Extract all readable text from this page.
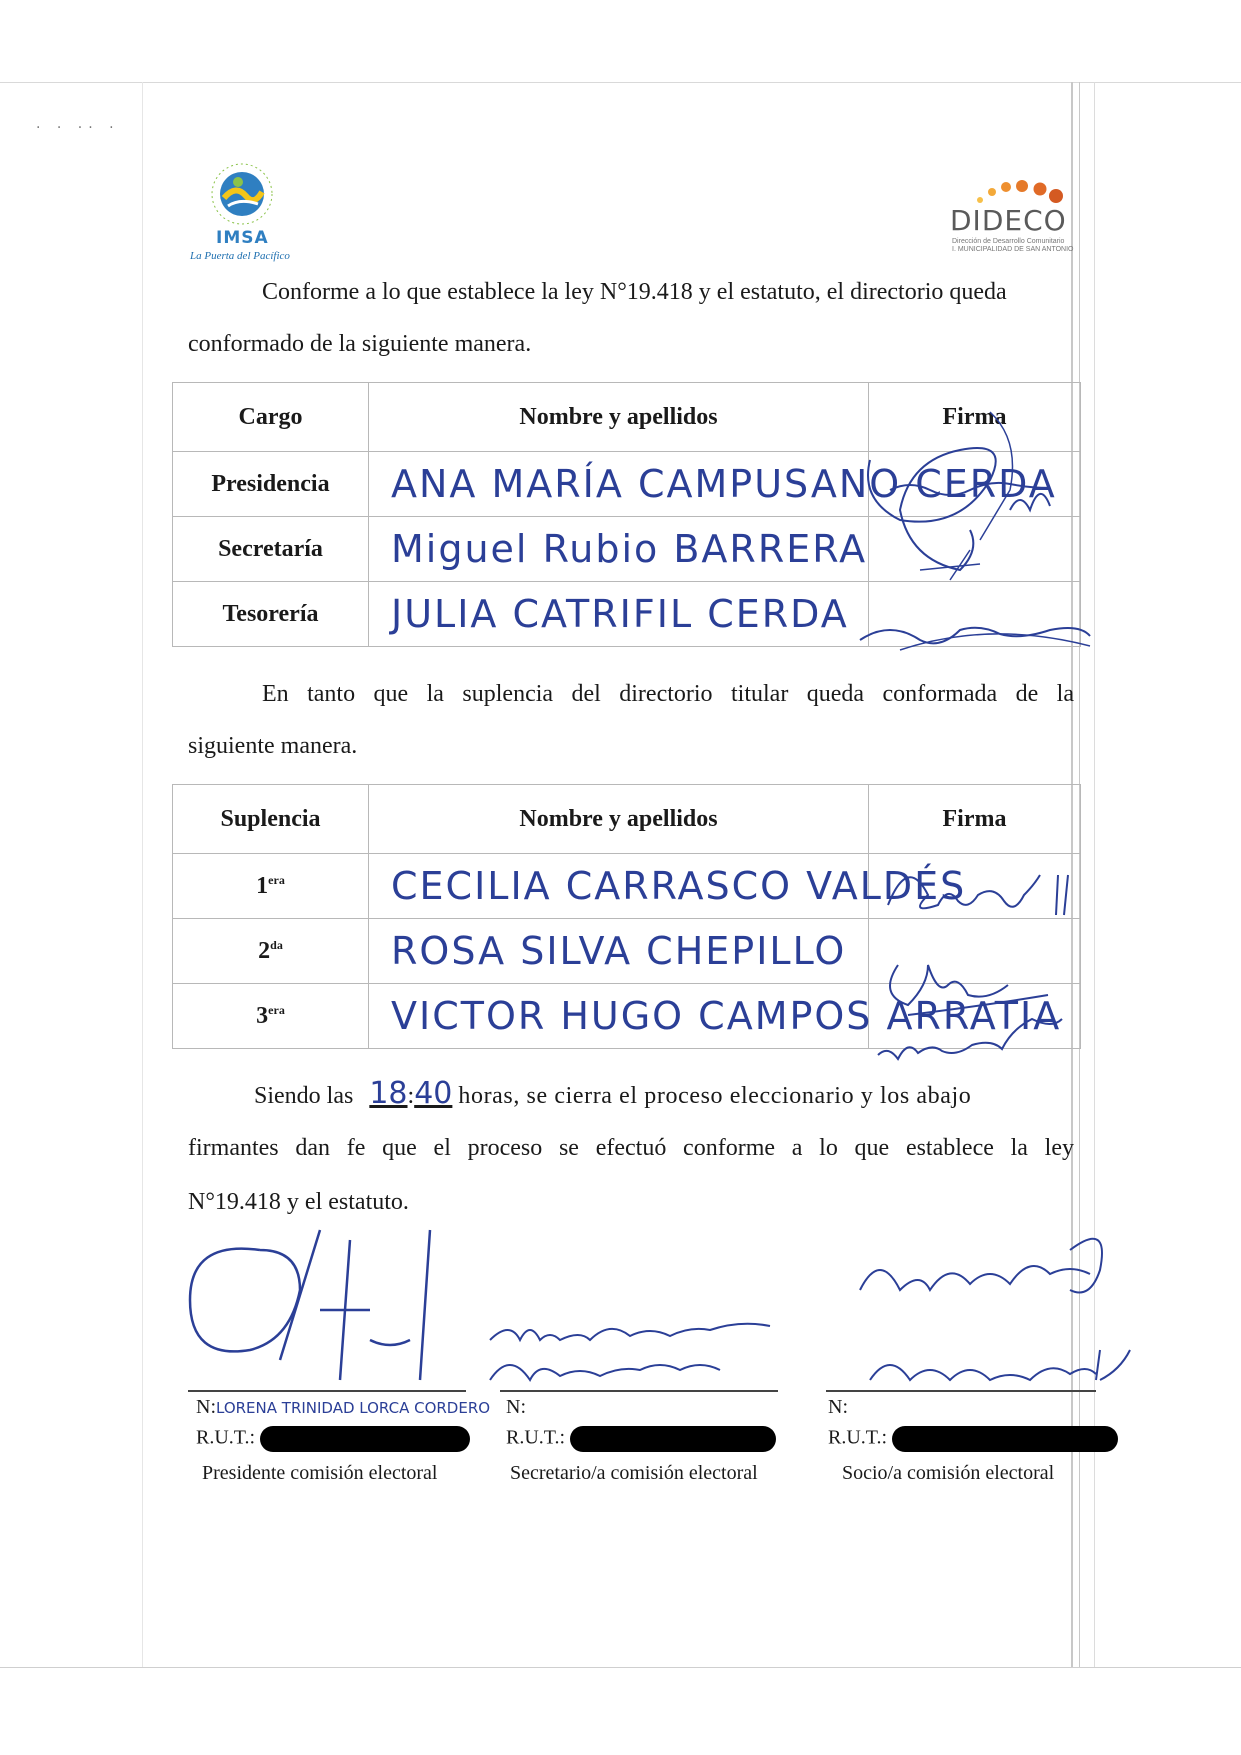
· · ·· ·
IMSA
La Puerta del Pacífico
DIDECO
Dirección de Desarrollo Comunitario
I. MUNICIPALIDAD DE SAN ANTONIO
Conforme a lo que establece la ley N°19.418 y el estatuto, el directorio queda
conformado de la siguiente manera.
Cargo	Nombre y apellidos	Firma
Presidencia	ANA MARÍA CAMPUSANO CERDA	
Secretaría	Miguel Rubio BARRERA	
Tesorería	JULIA CATRIFIL CERDA	
En tanto que la suplencia del directorio titular queda conformada de la
siguiente manera.
Suplencia	Nombre y apellidos	Firma
$1^{era}$	CECILIA CARRASCO VALDÉS	
$2^{da}$	ROSA SILVA CHEPILLO	
$3^{era}$	VICTOR HUGO CAMPOS ARRATIA	
Siendo las 18:40 horas, se cierra el proceso eleccionario y los abajo
firmantes dan fe que el proceso se efectuó conforme a lo que establece la ley
N°19.418 y el estatuto.
N:LORENA TRINIDAD LORCA CORDERO
R.U.T.:
Presidente comisión electoral
N:
R.U.T.:
Secretario/a comisión electoral
N:
R.U.T.:
Socio/a comisión electoral
